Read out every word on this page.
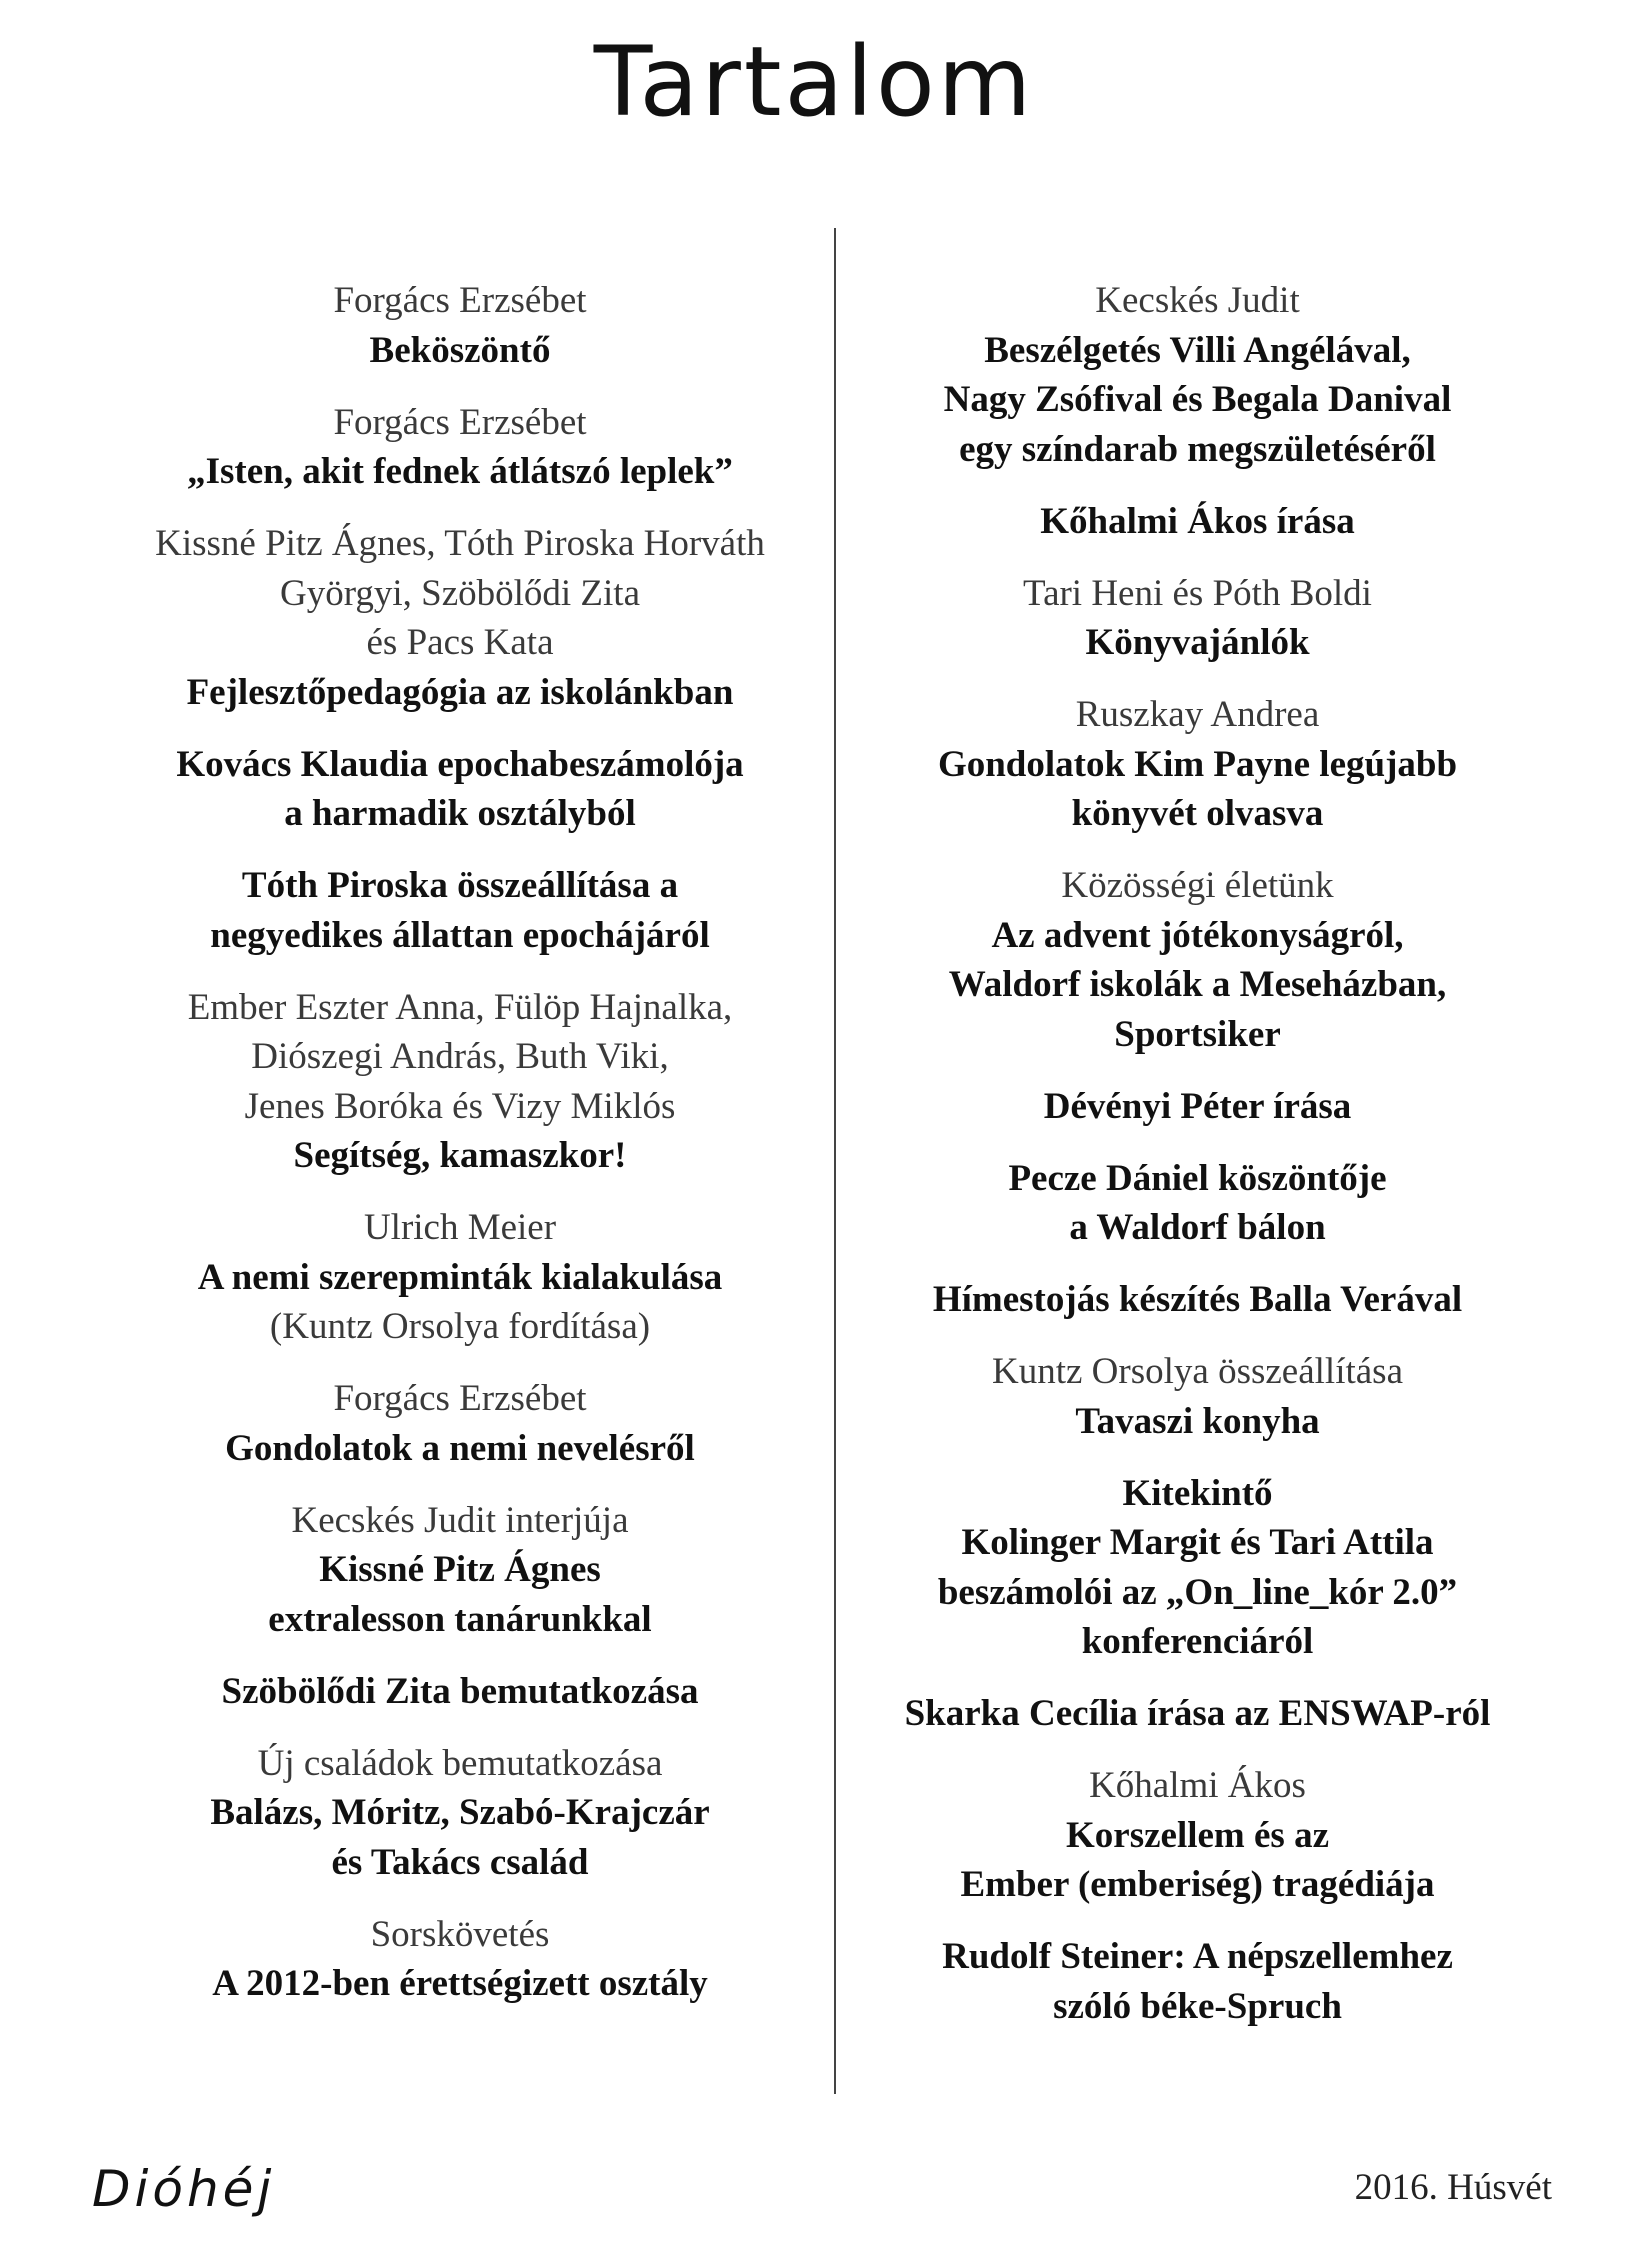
Tartalom
Forgács Erzsébet
Beköszöntő
Forgács Erzsébet
„Isten, akit fednek átlátszó leplek”
Kissné Pitz Ágnes, Tóth Piroska Horváth
Györgyi, Szöbölődi Zita
és Pacs Kata
Fejlesztőpedagógia az iskolánkban
Kovács Klaudia epochabeszámolója
a harmadik osztályból
Tóth Piroska összeállítása a
negyedikes állattan epochájáról
Ember Eszter Anna, Fülöp Hajnalka,
Diószegi András, Buth Viki,
Jenes Boróka és Vizy Miklós
Segítség, kamaszkor!
Ulrich Meier
A nemi szerepminták kialakulása
(Kuntz Orsolya fordítása)
Forgács Erzsébet
Gondolatok a nemi nevelésről
Kecskés Judit interjúja
Kissné Pitz Ágnes
extralesson tanárunkkal
Szöbölődi Zita bemutatkozása
Új családok bemutatkozása
Balázs, Móritz, Szabó-Krajczár
és Takács család
Sorskövetés
A 2012-ben érettségizett osztály
Kecskés Judit
Beszélgetés Villi Angélával,
Nagy Zsófival és Begala Danival
egy színdarab megszületéséről
Kőhalmi Ákos írása
Tari Heni és Póth Boldi
Könyvajánlók
Ruszkay Andrea
Gondolatok Kim Payne legújabb
könyvét olvasva
Közösségi életünk
Az advent jótékonyságról,
Waldorf iskolák a Meseházban,
Sportsiker
Dévényi Péter írása
Pecze Dániel köszöntője
a Waldorf bálon
Hímestojás készítés Balla Verával
Kuntz Orsolya összeállítása
Tavaszi konyha
Kitekintő
Kolinger Margit és Tari Attila
beszámolói az „On_line_kór 2.0”
konferenciáról
Skarka Cecília írása az ENSWAP-ról
Kőhalmi Ákos
Korszellem és az
Ember (emberiség) tragédiája
Rudolf Steiner: A népszellemhez
szóló béke-Spruch
Dióhéj	2016. Húsvét
